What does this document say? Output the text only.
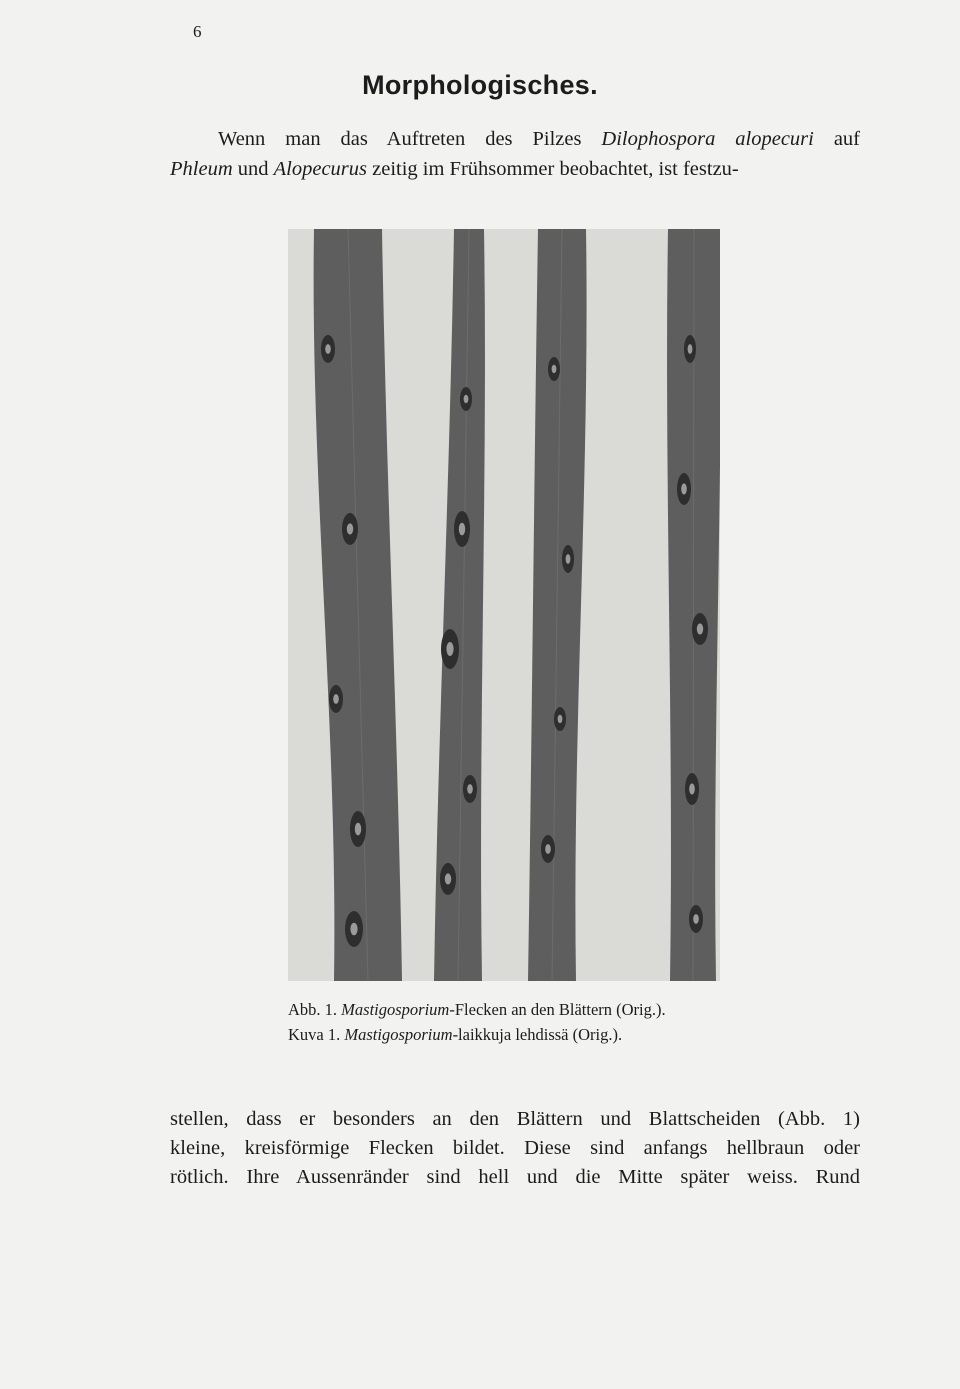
6
Morphologisches.
Wenn man das Auftreten des Pilzes Dilophospora alopecuri auf
Phleum und Alopecurus zeitig im Frühsommer beobachtet, ist festzu-
Abb. 1. Mastigosporium-Flecken an den Blättern (Orig.).
Kuva 1. Mastigosporium-laikkuja lehdissä (Orig.).
stellen, dass er besonders an den Blättern und Blattscheiden (Abb. 1)
kleine, kreisförmige Flecken bildet. Diese sind anfangs hellbraun oder
rötlich. Ihre Aussenränder sind hell und die Mitte später weiss. Rund
